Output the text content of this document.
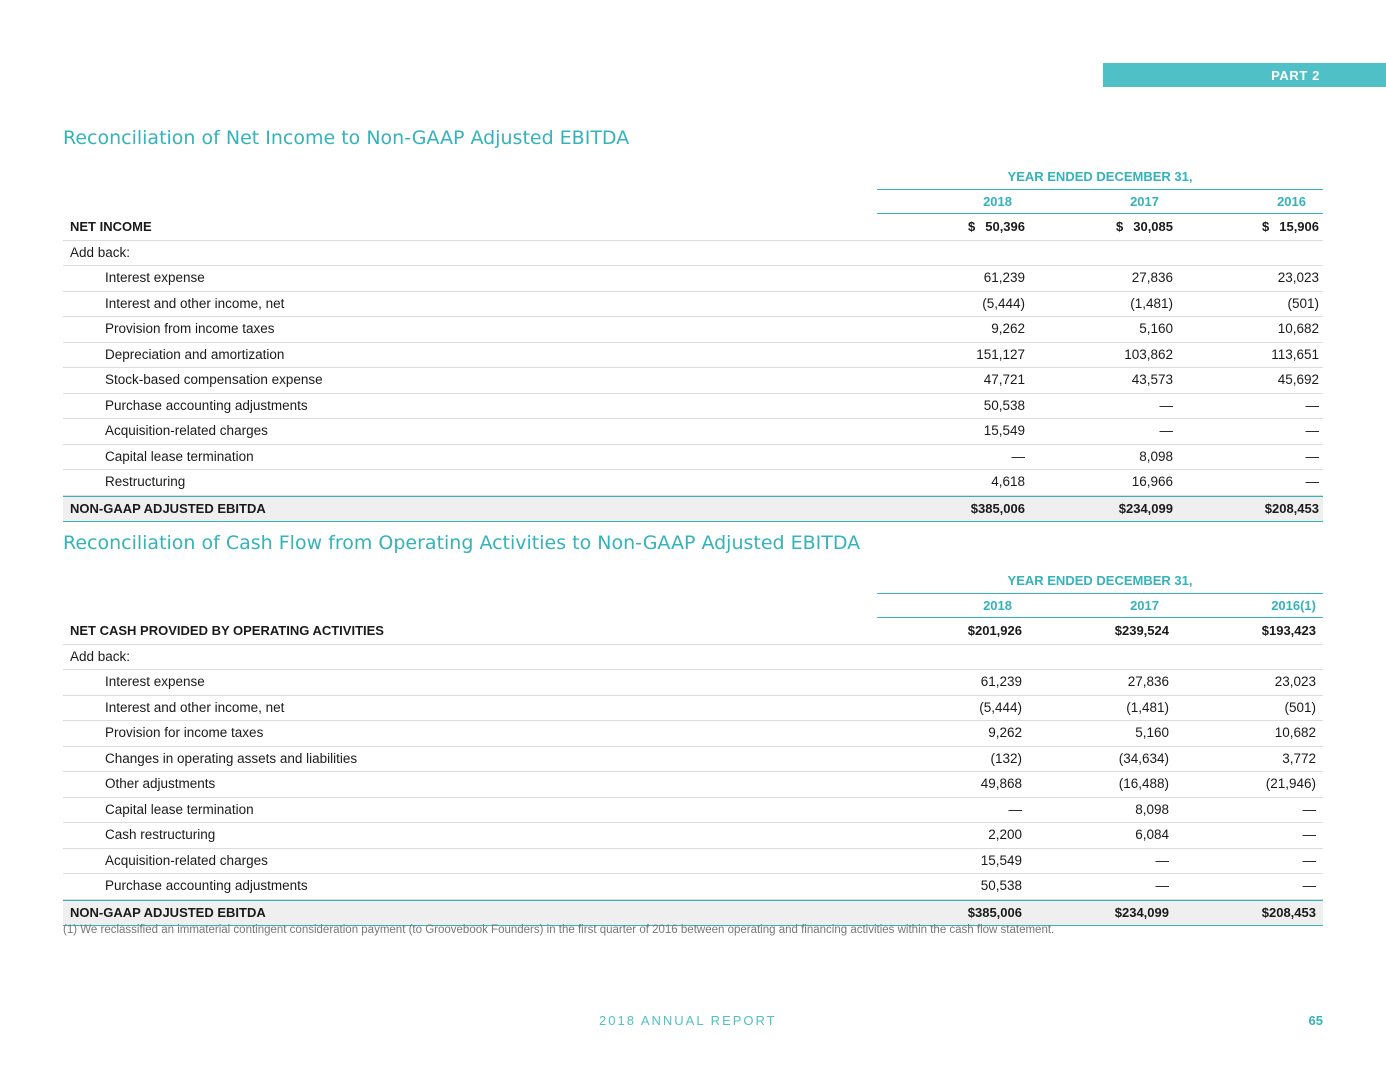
PART 2
Reconciliation of Net Income to Non-GAAP Adjusted EBITDA
YEAR ENDED DECEMBER 31,
2018	2017	2016
NET INCOME	$ 50,396	$ 30,085	$ 15,906
Add back:
Interest expense	61,239	27,836	23,023
Interest and other income, net	(5,444)	(1,481)	(501)
Provision from income taxes	9,262	5,160	10,682
Depreciation and amortization	151,127	103,862	113,651
Stock-based compensation expense	47,721	43,573	45,692
Purchase accounting adjustments	50,538	—	—
Acquisition-related charges	15,549	—	—
Capital lease termination	—	8,098	—
Restructuring	4,618	16,966	—
NON-GAAP ADJUSTED EBITDA	$385,006	$234,099	$208,453
Reconciliation of Cash Flow from Operating Activities to Non-GAAP Adjusted EBITDA
YEAR ENDED DECEMBER 31,
2018	2017	2016(1)
NET CASH PROVIDED BY OPERATING ACTIVITIES	$201,926	$239,524	$193,423
Add back:
Interest expense	61,239	27,836	23,023
Interest and other income, net	(5,444)	(1,481)	(501)
Provision for income taxes	9,262	5,160	10,682
Changes in operating assets and liabilities	(132)	(34,634)	3,772
Other adjustments	49,868	(16,488)	(21,946)
Capital lease termination	—	8,098	—
Cash restructuring	2,200	6,084	—
Acquisition-related charges	15,549	—	—
Purchase accounting adjustments	50,538	—	—
NON-GAAP ADJUSTED EBITDA	$385,006	$234,099	$208,453
(1) We reclassified an immaterial contingent consideration payment (to Groovebook Founders) in the first quarter of 2016 between operating and financing activities within the cash flow statement.
2018 ANNUAL REPORT	65
